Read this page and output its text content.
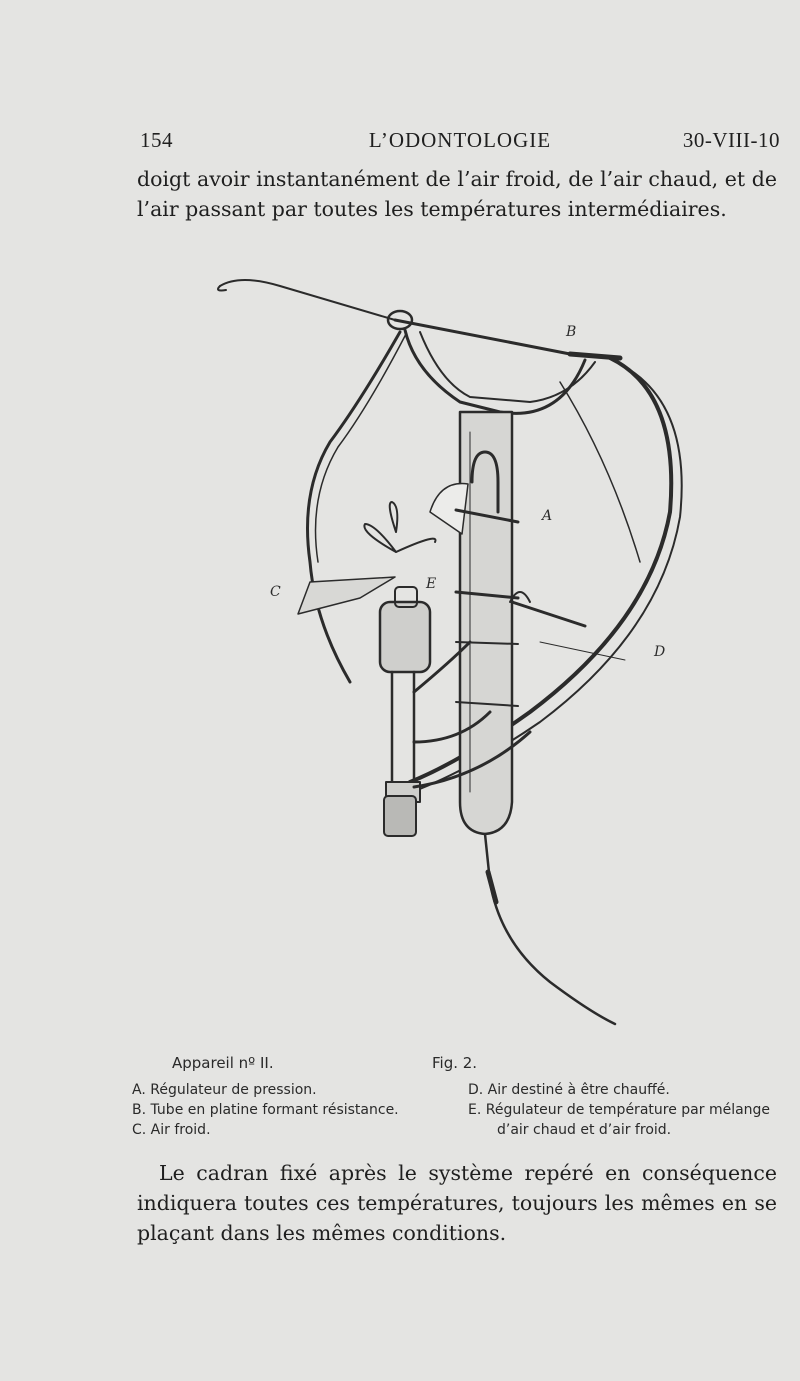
154	L’ODONTOLOGIE	30-VIII-10

doigt avoir instantanément de l’air froid, de l’air chaud, et de l’air passant par toutes les températures intermédiaires.

B
A
C
D
E
Appareil nº II.	Fig. 2.
A. Régulateur de pression.
B. Tube en platine formant résistance.
C. Air froid.
D. Air destiné à être chauffé.
E. Régulateur de température par mélange d’air chaud et d’air froid.

Le cadran fixé après le système repéré en conséquence indiquera toutes ces températures, toujours les mêmes en se plaçant dans les mêmes conditions.
